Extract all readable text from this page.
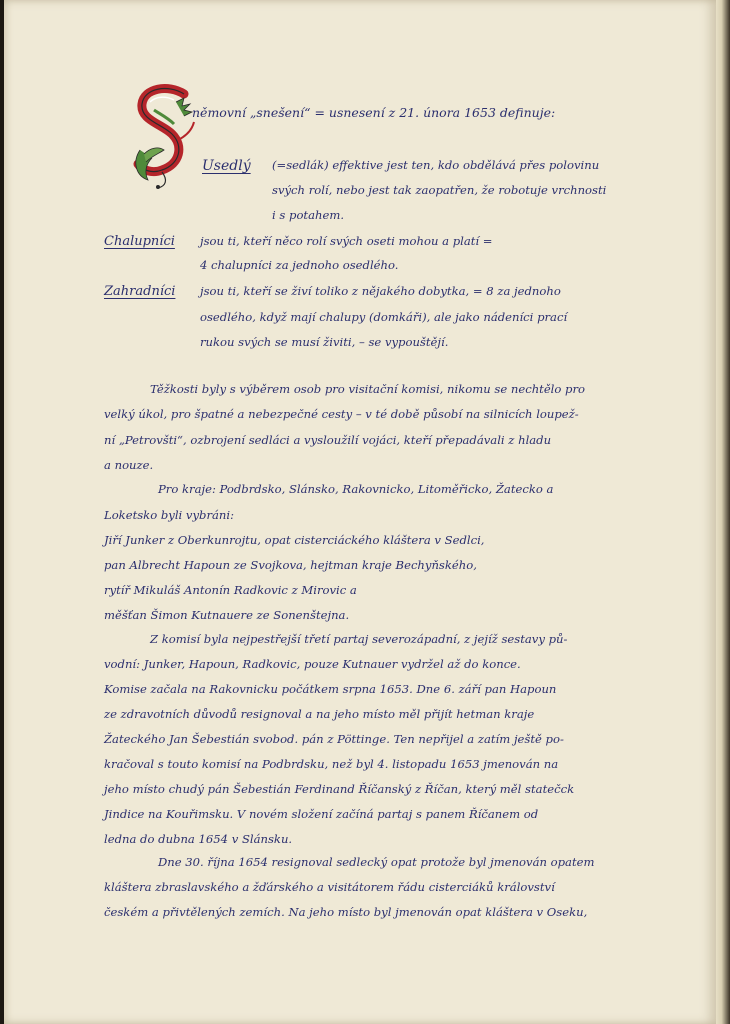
němovní „snešení“ = usnesení z 21. února 1653 definuje:
Usedlý (=sedlák) effektive jest ten, kdo obdělává přes polovinu
svých rolí, nebo jest tak zaopatřen, že robotuje vrchnosti
i s potahem.
Chalupníci jsou ti, kteří něco rolí svých oseti mohou a platí =
4 chalupníci za jednoho osedlého.
Zahradníci jsou ti, kteří se živí toliko z nějakého dobytka, = 8 za jednoho
osedlého, když mají chalupy (domkáři), ale jako nádeníci prací
rukou svých se musí živiti, – se vypouštějí.
Těžkosti byly s výběrem osob pro visitační komisi, nikomu se nechtělo pro
velký úkol, pro špatné a nebezpečné cesty – v té době působí na silnicích loupež-
ní „Petrovšti“, ozbrojení sedláci a vysloužilí vojáci, kteří přepadávali z hladu
a nouze.
Pro kraje: Podbrdsko, Slánsko, Rakovnicko, Litoměřicko, Žatecko a
Loketsko byli vybráni:
Jiří Junker z Oberkunrojtu, opat cisterciáckého kláštera v Sedlci,
pan Albrecht Hapoun ze Svojkova, hejtman kraje Bechyňského,
rytíř Mikuláš Antonín Radkovic z Mirovic a
měšťan Šimon Kutnauere ze Sonenštejna.
Z komisí byla nejpestřejší třetí partaj severozápadní, z jejíž sestavy pů-
vodní: Junker, Hapoun, Radkovic, pouze Kutnauer vydržel až do konce.
Komise začala na Rakovnicku počátkem srpna 1653. Dne 6. září pan Hapoun
ze zdravotních důvodů resignoval a na jeho místo měl přijít hetman kraje
Žateckého Jan Šebestián svobod. pán z Pöttinge. Ten nepřijel a zatím ještě po-
kračoval s touto komisí na Podbrdsku, než byl 4. listopadu 1653 jmenován na
jeho místo chudý pán Šebestián Ferdinand Říčanský z Říčan, který měl statečck
Jindice na Kouřimsku. V novém složení začíná partaj s panem Říčanem od
ledna do dubna 1654 v Slánsku.
Dne 30. října 1654 resignoval sedlecký opat protože byl jmenován opatem
kláštera zbraslavského a žďárského a visitátorem řádu cisterciáků království
českém a přivtělených zemích. Na jeho místo byl jmenován opat kláštera v Oseku,
